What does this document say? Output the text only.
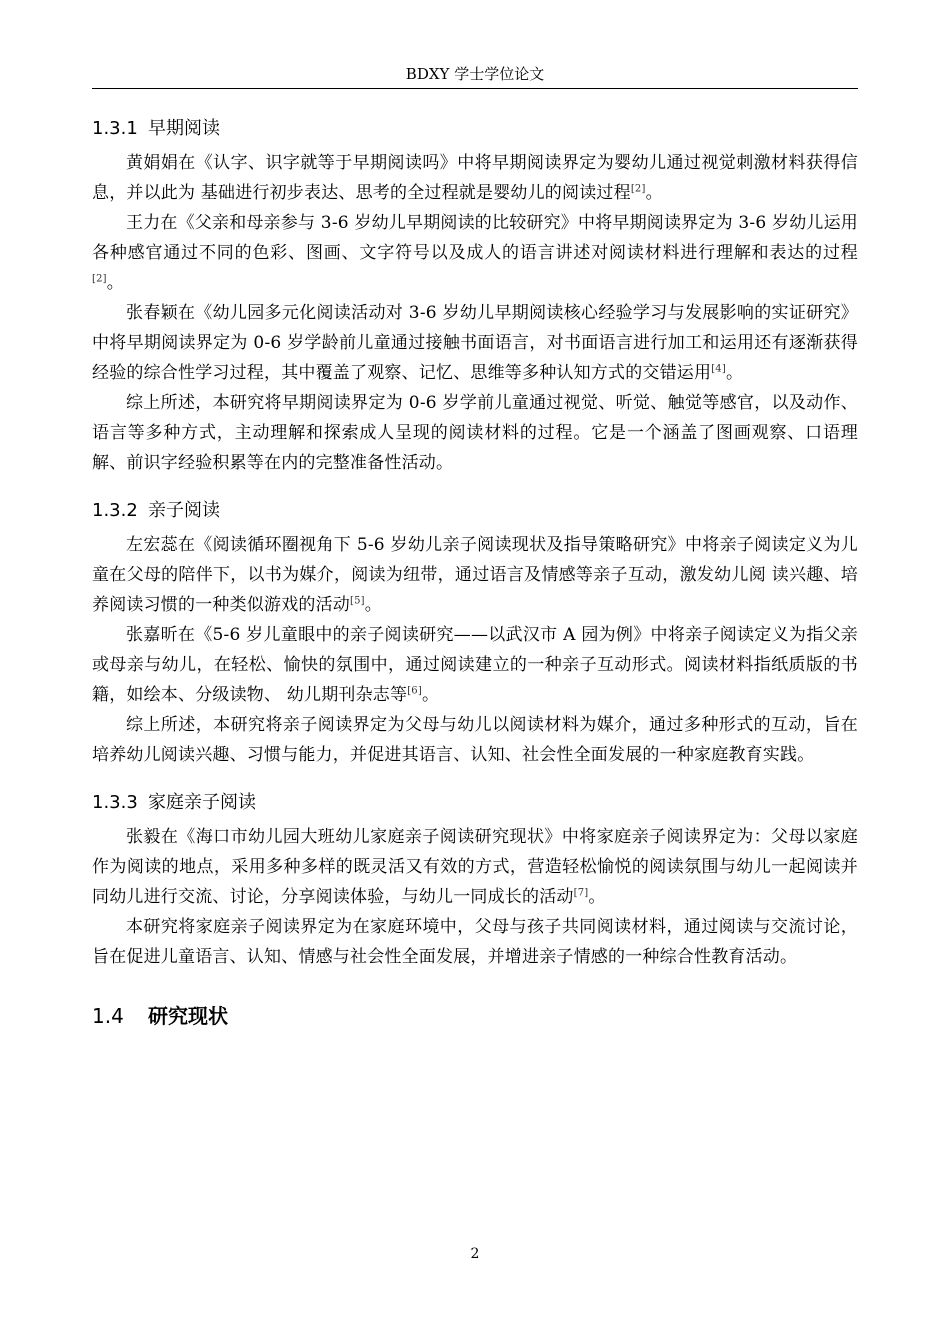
BDXY 学士学位论文
1.3.1 早期阅读

黄娟娟在《认字、识字就等于早期阅读吗》中将早期阅读界定为婴幼儿通过视觉刺激材料获得信息，并以此为 基础进行初步表达、思考的全过程就是婴幼儿的阅读过程[2]。

王力在《父亲和母亲参与 3-6 岁幼儿早期阅读的比较研究》中将早期阅读界定为 3-6 岁幼儿运用各种感官通过不同的色彩、图画、文字符号以及成人的语言讲述对阅读材料进行理解和表达的过程[2]。

张春颖在《幼儿园多元化阅读活动对 3-6 岁幼儿早期阅读核心经验学习与发展影响的实证研究》中将早期阅读界定为 0-6 岁学龄前儿童通过接触书面语言，对书面语言进行加工和运用还有逐渐获得经验的综合性学习过程，其中覆盖了观察、记忆、思维等多种认知方式的交错运用[4]。

综上所述，本研究将早期阅读界定为 0-6 岁学前儿童通过视觉、听觉、触觉等感官，以及动作、语言等多种方式，主动理解和探索成人呈现的阅读材料的过程。它是一个涵盖了图画观察、口语理解、前识字经验积累等在内的完整准备性活动。

1.3.2 亲子阅读

左宏蕊在《阅读循环圈视角下 5-6 岁幼儿亲子阅读现状及指导策略研究》中将亲子阅读定义为儿童在父母的陪伴下，以书为媒介，阅读为纽带，通过语言及情感等亲子互动，激发幼儿阅 读兴趣、培养阅读习惯的一种类似游戏的活动[5]。

张嘉昕在《5-6 岁儿童眼中的亲子阅读研究——以武汉市 A 园为例》中将亲子阅读定义为指父亲或母亲与幼儿，在轻松、愉快的氛围中，通过阅读建立的一种亲子互动形式。阅读材料指纸质版的书籍，如绘本、分级读物、 幼儿期刊杂志等[6]。

综上所述，本研究将亲子阅读界定为父母与幼儿以阅读材料为媒介，通过多种形式的互动，旨在培养幼儿阅读兴趣、习惯与能力，并促进其语言、认知、社会性全面发展的一种家庭教育实践。

1.3.3 家庭亲子阅读

张毅在《海口市幼儿园大班幼儿家庭亲子阅读研究现状》中将家庭亲子阅读界定为：父母以家庭作为阅读的地点，采用多种多样的既灵活又有效的方式，营造轻松愉悦的阅读氛围与幼儿一起阅读并同幼儿进行交流、讨论，分享阅读体验，与幼儿一同成长的活动[7]。

本研究将家庭亲子阅读界定为在家庭环境中，父母与孩子共同阅读材料，通过阅读与交流讨论，旨在促进儿童语言、认知、情感与社会性全面发展，并增进亲子情感的一种综合性教育活动。

1.4 研究现状
2
